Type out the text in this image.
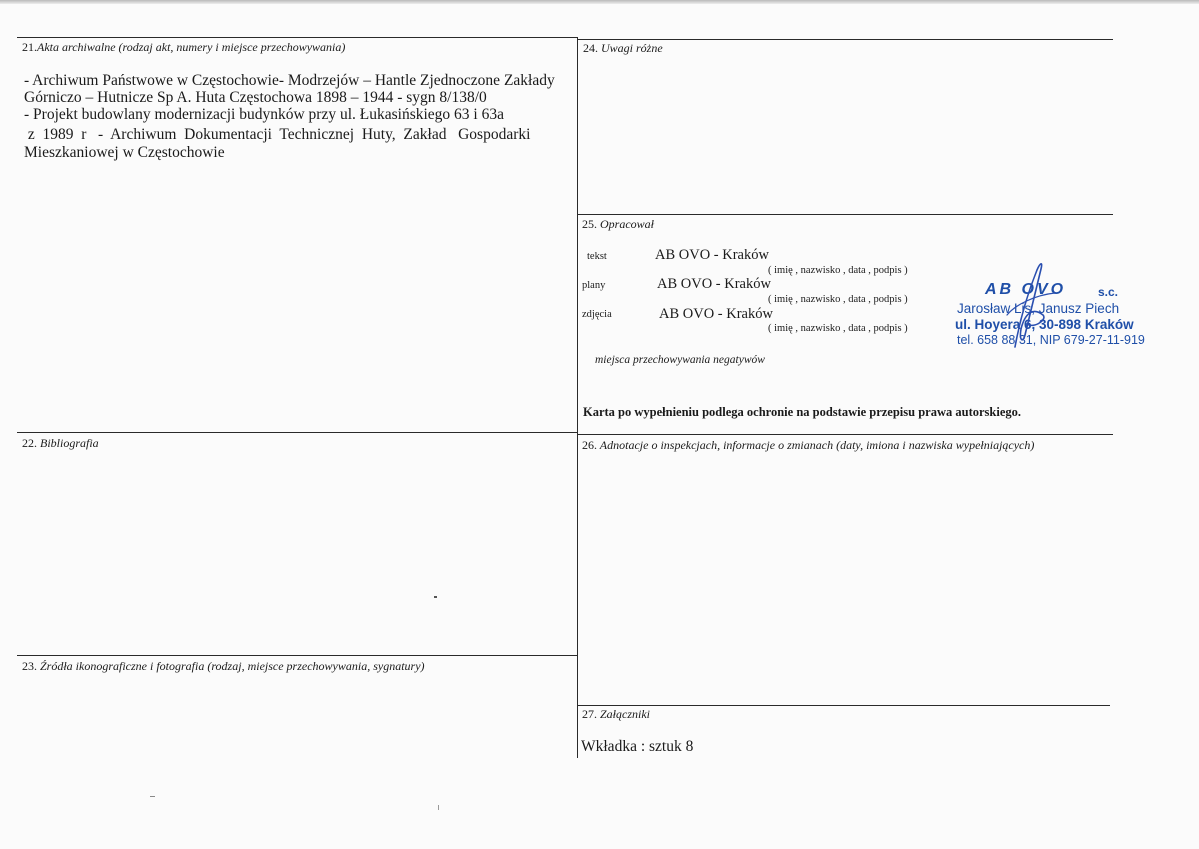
21.Akta archiwalne (rodzaj akt, numery i miejsce przechowywania)
- Archiwum Państwowe w Częstochowie- Modrzejów – Hantle Zjednoczone Zakłady
Górniczo – Hutnicze Sp A. Huta Częstochowa 1898 – 1944 - sygn 8/138/0
- Projekt budowlany modernizacji budynków przy ul. Łukasińskiego 63 i 63a
z  1989  r   -  Archiwum  Dokumentacji  Technicznej  Huty,  Zakład   Gospodarki
Mieszkaniowej w Częstochowie
24. Uwagi różne
25. Opracował
tekst	AB OVO - Kraków
( imię , nazwisko , data , podpis )
plany	AB OVO - Kraków
( imię , nazwisko , data , podpis )
zdjęcia	AB OVO - Kraków
( imię , nazwisko , data , podpis )
miejsca przechowywania negatywów
Karta po wypełnieniu podlega ochronie na podstawie przepisu prawa autorskiego.
AB OVO	s.c.
Jarosław Lis, Janusz Piech
ul. Hoyera 6, 30-898 Kraków
tel. 658 88 31, NIP 679-27-11-919
22. Bibliografia	26. Adnotacje o inspekcjach, informacje o zmianach (daty, imiona i nazwiska wypełniających)
23. Źródła ikonograficzne i fotografia (rodzaj, miejsce przechowywania, sygnatury)
27. Załączniki
Wkładka : sztuk 8
